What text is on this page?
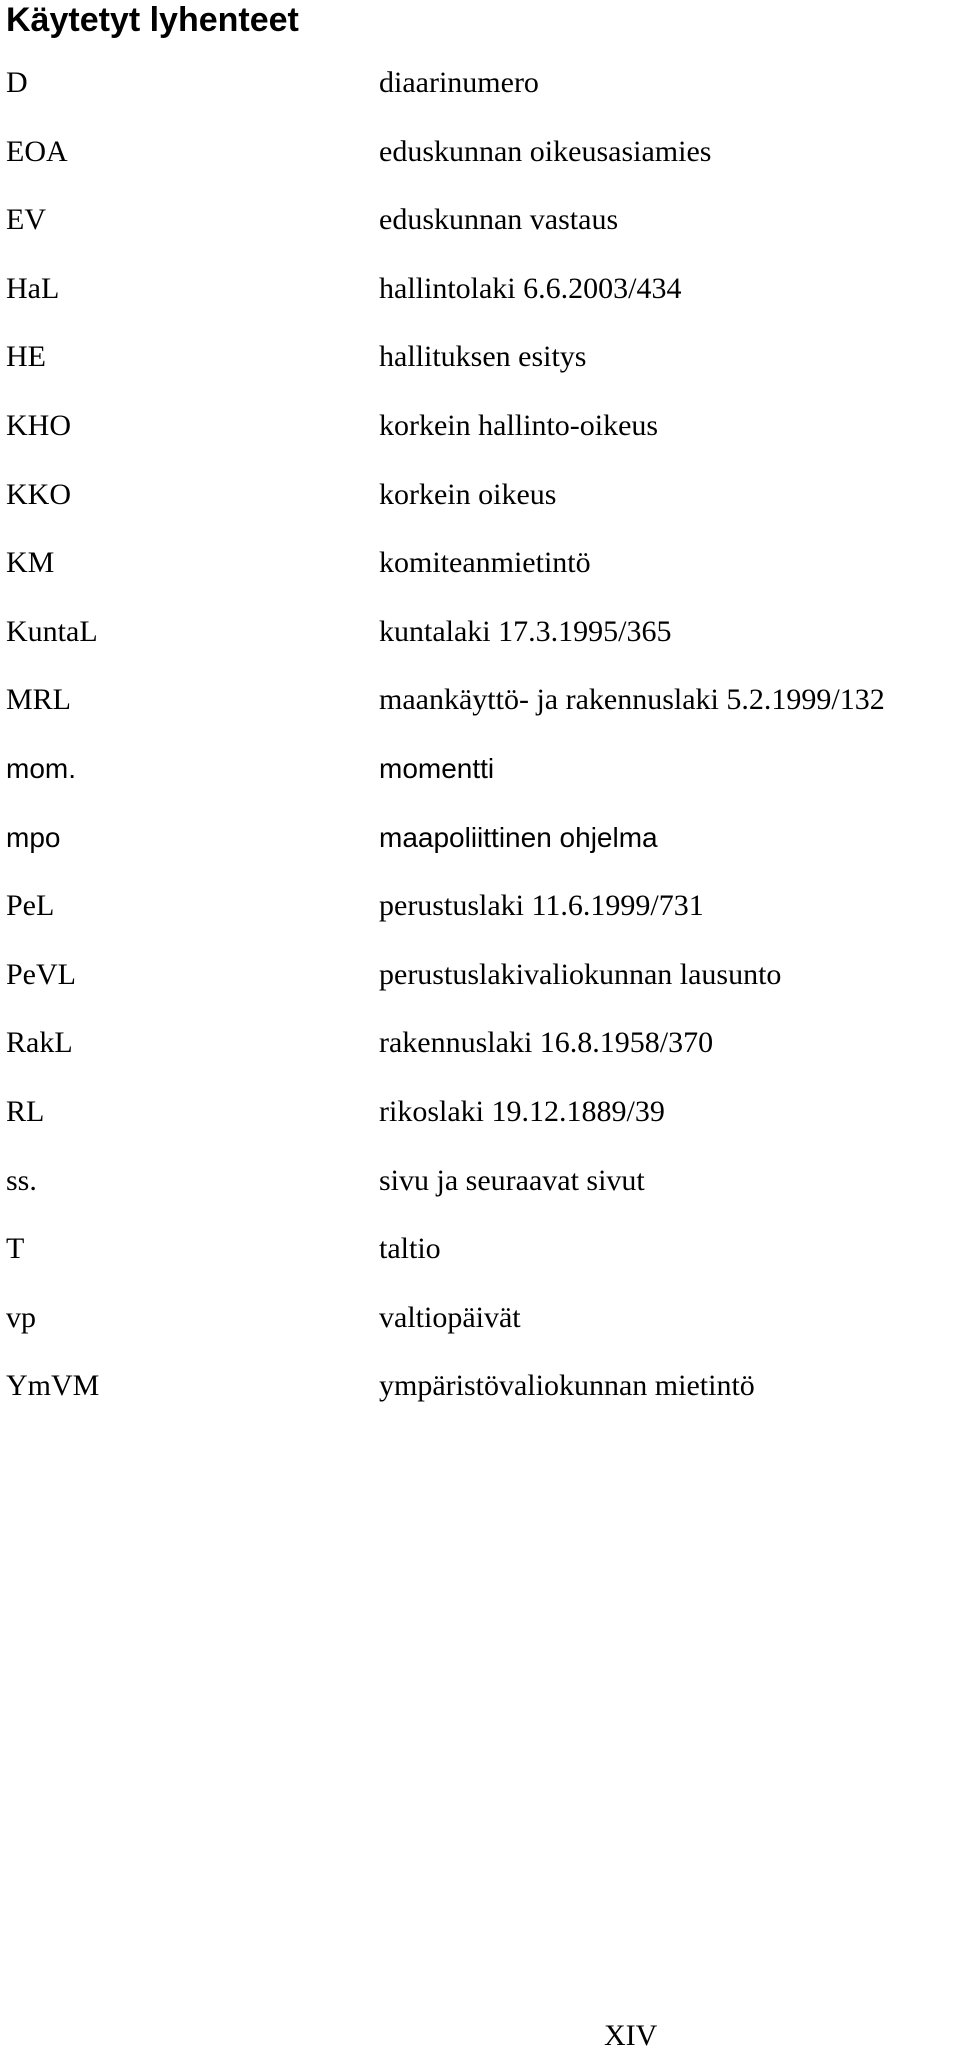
Käytetyt lyhenteet
D	diaarinumero
EOA	eduskunnan oikeusasiamies
EV	eduskunnan vastaus
HaL	hallintolaki 6.6.2003/434
HE	hallituksen esitys
KHO	korkein hallinto-oikeus
KKO	korkein oikeus
KM	komiteanmietintö
KuntaL	kuntalaki 17.3.1995/365
MRL	maankäyttö- ja rakennuslaki 5.2.1999/132
mom.	momentti
mpo	maapoliittinen ohjelma
PeL	perustuslaki 11.6.1999/731
PeVL	perustuslakivaliokunnan lausunto
RakL	rakennuslaki 16.8.1958/370
RL	rikoslaki 19.12.1889/39
ss.	sivu ja seuraavat sivut
T	taltio
vp	valtiopäivät
YmVM	ympäristövaliokunnan mietintö
XIV
